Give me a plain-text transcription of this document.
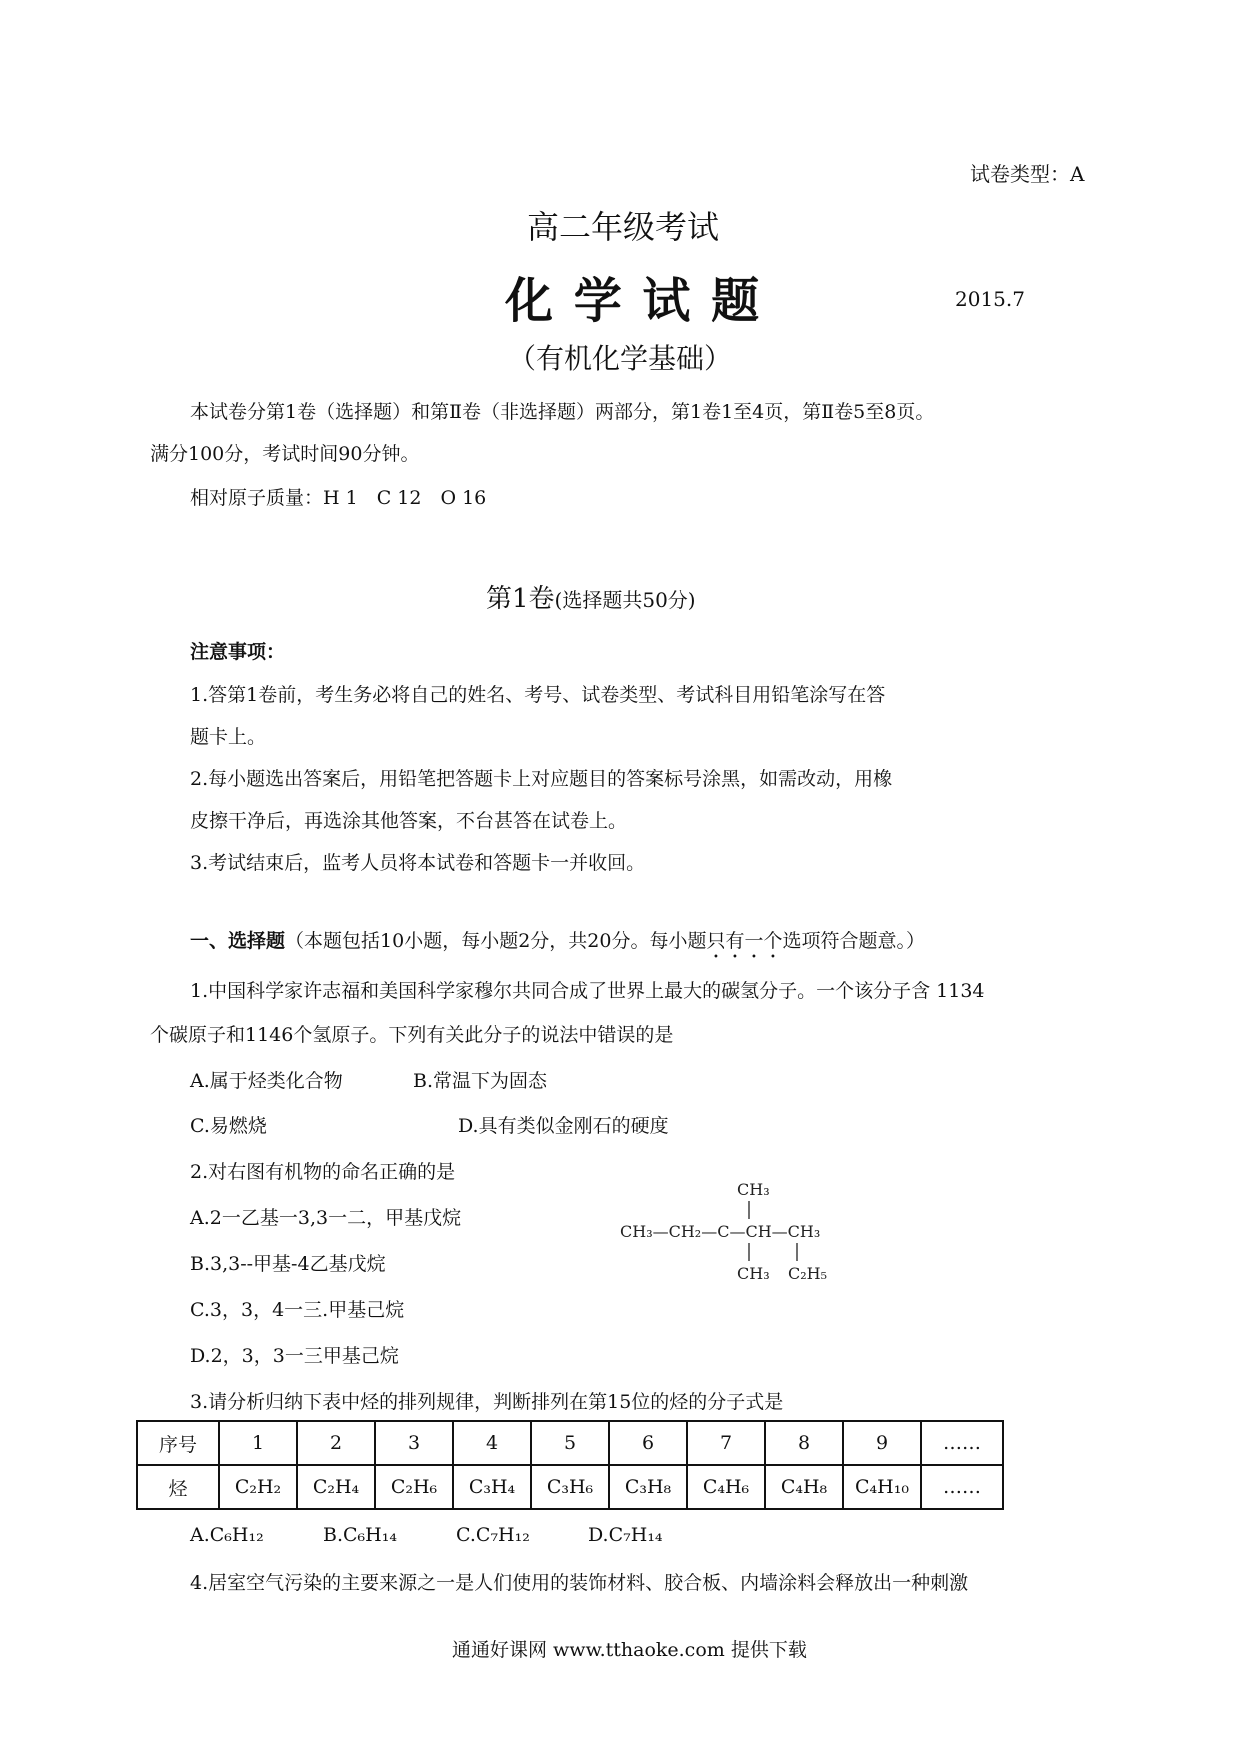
试卷类型：A
高二年级考试
化 学 试 题	2015.7
（有机化学基础）
本试卷分第1卷（选择题）和第Ⅱ卷（非选择题）两部分，第1卷1至4页，第Ⅱ卷5至8页。
满分100分，考试时间90分钟。
相对原子质量：H 1　C 12　O 16
第1卷(选择题共50分)
注意事项：
1.答第1卷前，考生务必将自己的姓名、考号、试卷类型、考试科目用铅笔涂写在答
题卡上。
2.每小题选出答案后，用铅笔把答题卡上对应题目的答案标号涂黑，如需改动，用橡
皮擦干净后，再选涂其他答案，不台甚答在试卷上。
3.考试结束后，监考人员将本试卷和答题卡一并收回。
一、选择题（本题包括10小题，每小题2分，共20分。每小题只有一个选项符合题意。）
1.中国科学家许志福和美国科学家穆尔共同合成了世界上最大的碳氢分子。一个该分子含 1134
个碳原子和1146个氢原子。下列有关此分子的说法中错误的是
A.属于烃类化合物	B.常温下为固态
C.易燃烧	D.具有类似金刚石的硬度
2.对右图有机物的命名正确的是
A.2一乙基一3,3一二，甲基戊烷
B.3,3--甲基-4乙基戊烷
C.3，3，4一三.甲基己烷
D.2，3，3一三甲基己烷
CH₃
CH₃—CH₂—C—CH—CH₃
CH₃ C₂H₅
3.请分析归纳下表中烃的排列规律，判断排列在第15位的烃的分子式是
序号	1	2	3	4	5	6	7	8	9	……
烃	C₂H₂	C₂H₄	C₂H₆	C₃H₄	C₃H₆	C₃H₈	C₄H₆	C₄H₈	C₄H₁₀	……
A.C₆H₁₂	B.C₆H₁₄	C.C₇H₁₂	D.C₇H₁₄
4.居室空气污染的主要来源之一是人们使用的装饰材料、胶合板、内墙涂料会释放出一种刺激
通通好课网 www.tthaoke.com 提供下载
